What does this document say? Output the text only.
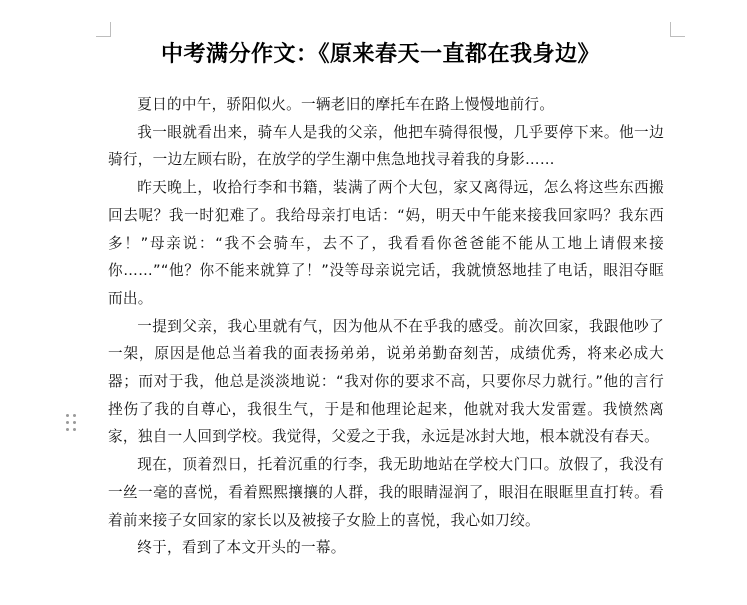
中考满分作文：《原来春天一直都在我身边》

夏日的中午，骄阳似火。一辆老旧的摩托车在路上慢慢地前行。

我一眼就看出来，骑车人是我的父亲，他把车骑得很慢，几乎要停下来。他一边骑行，一边左顾右盼，在放学的学生潮中焦急地找寻着我的身影……

昨天晚上，收拾行李和书籍，装满了两个大包，家又离得远，怎么将这些东西搬回去呢？我一时犯难了。我给母亲打电话：“妈，明天中午能来接我回家吗？我东西多！”母亲说：“我不会骑车，去不了，我看看你爸爸能不能从工地上请假来接你……”“他？你不能来就算了！”没等母亲说完话，我就愤怒地挂了电话，眼泪夺眶而出。

一提到父亲，我心里就有气，因为他从不在乎我的感受。前次回家，我跟他吵了一架，原因是他总当着我的面表扬弟弟，说弟弟勤奋刻苦，成绩优秀，将来必成大器；而对于我，他总是淡淡地说：“我对你的要求不高，只要你尽力就行。”他的言行挫伤了我的自尊心，我很生气，于是和他理论起来，他就对我大发雷霆。我愤然离家，独自一人回到学校。我觉得，父爱之于我，永远是冰封大地，根本就没有春天。

现在，顶着烈日，托着沉重的行李，我无助地站在学校大门口。放假了，我没有一丝一毫的喜悦，看着熙熙攘攘的人群，我的眼睛湿润了，眼泪在眼眶里直打转。看着前来接子女回家的家长以及被接子女脸上的喜悦，我心如刀绞。

终于，看到了本文开头的一幕。
